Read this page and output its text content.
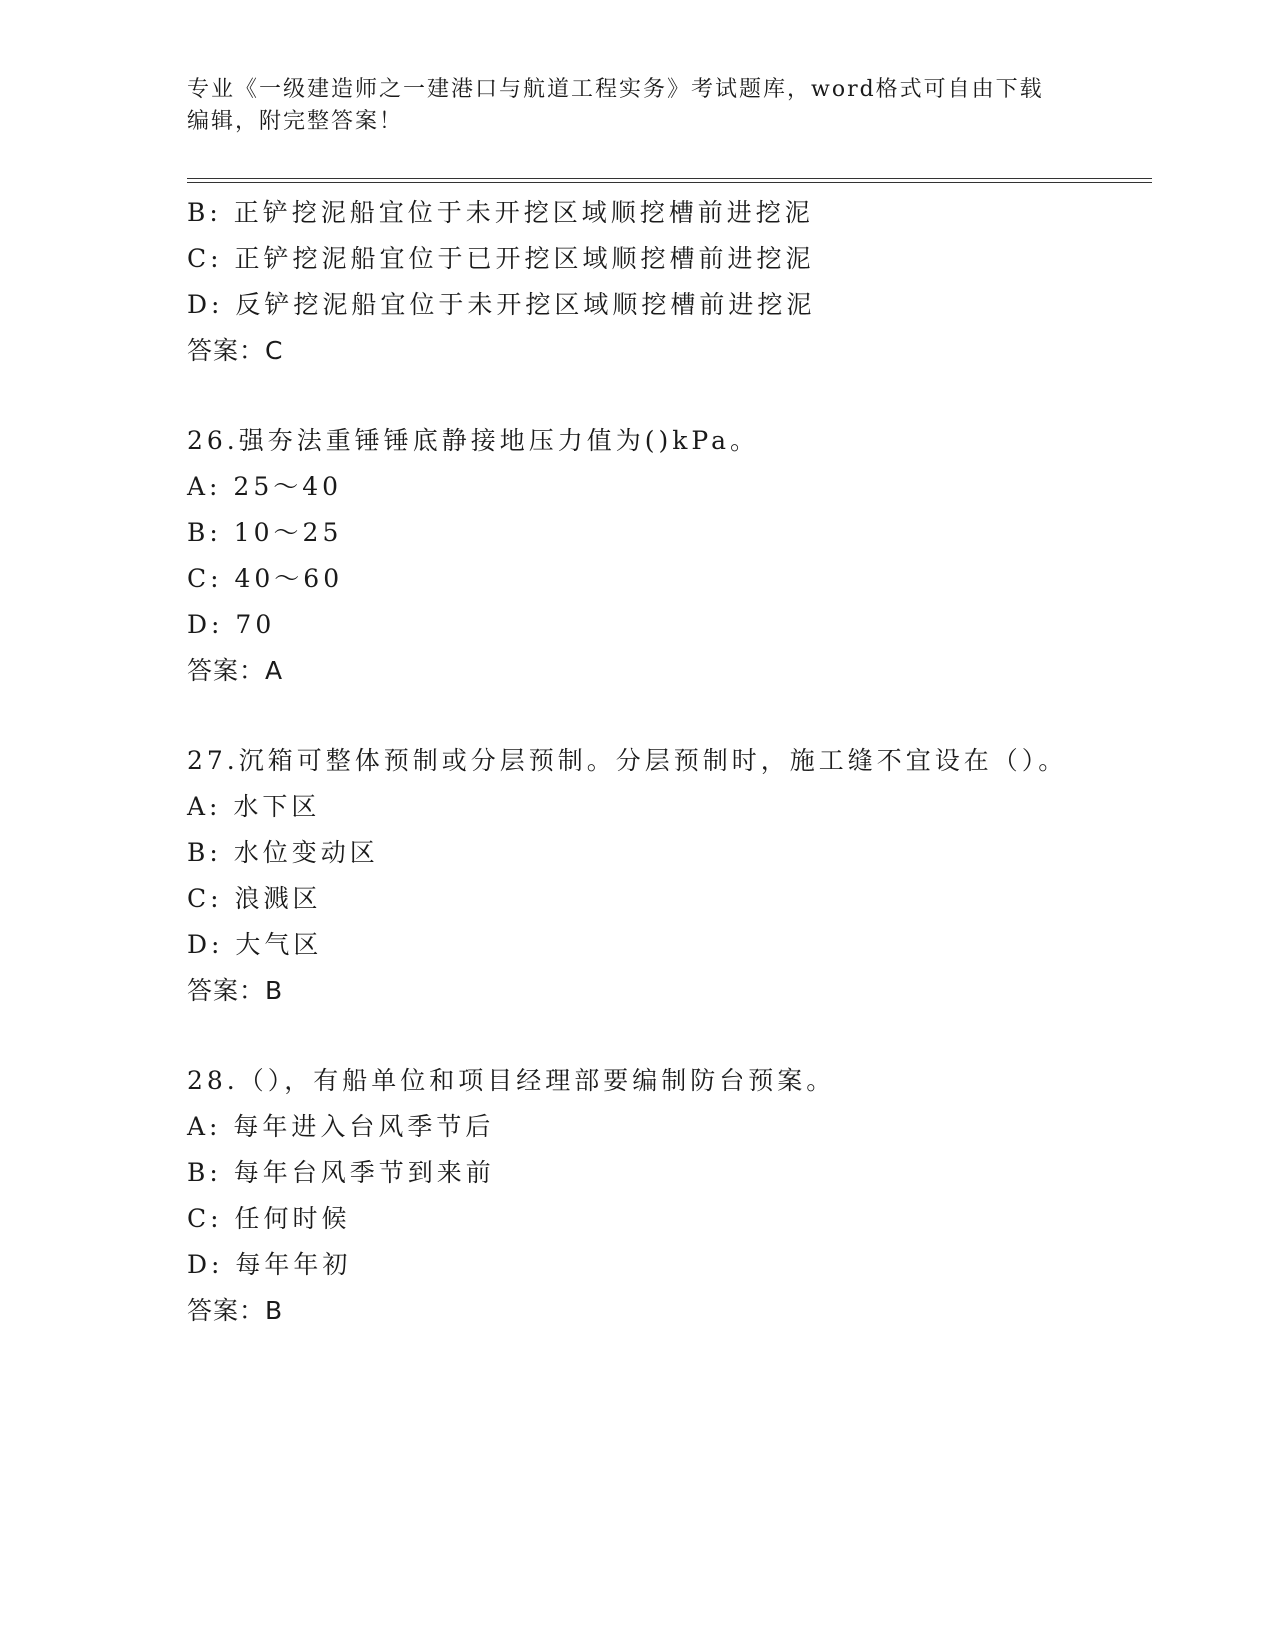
专业《一级建造师之一建港口与航道工程实务》考试题库，word格式可自由下载
编辑，附完整答案！
B: 正铲挖泥船宜位于未开挖区域顺挖槽前进挖泥
C: 正铲挖泥船宜位于已开挖区域顺挖槽前进挖泥
D: 反铲挖泥船宜位于未开挖区域顺挖槽前进挖泥
答案：C
26.强夯法重锤锤底静接地压力值为()kPa。
A: 25～40
B: 10～25
C: 40～60
D: 70
答案：A
27.沉箱可整体预制或分层预制。分层预制时，施工缝不宜设在（）。
A: 水下区
B: 水位变动区
C: 浪溅区
D: 大气区
答案：B
28.（），有船单位和项目经理部要编制防台预案。
A: 每年进入台风季节后
B: 每年台风季节到来前
C: 任何时候
D: 每年年初
答案：B
